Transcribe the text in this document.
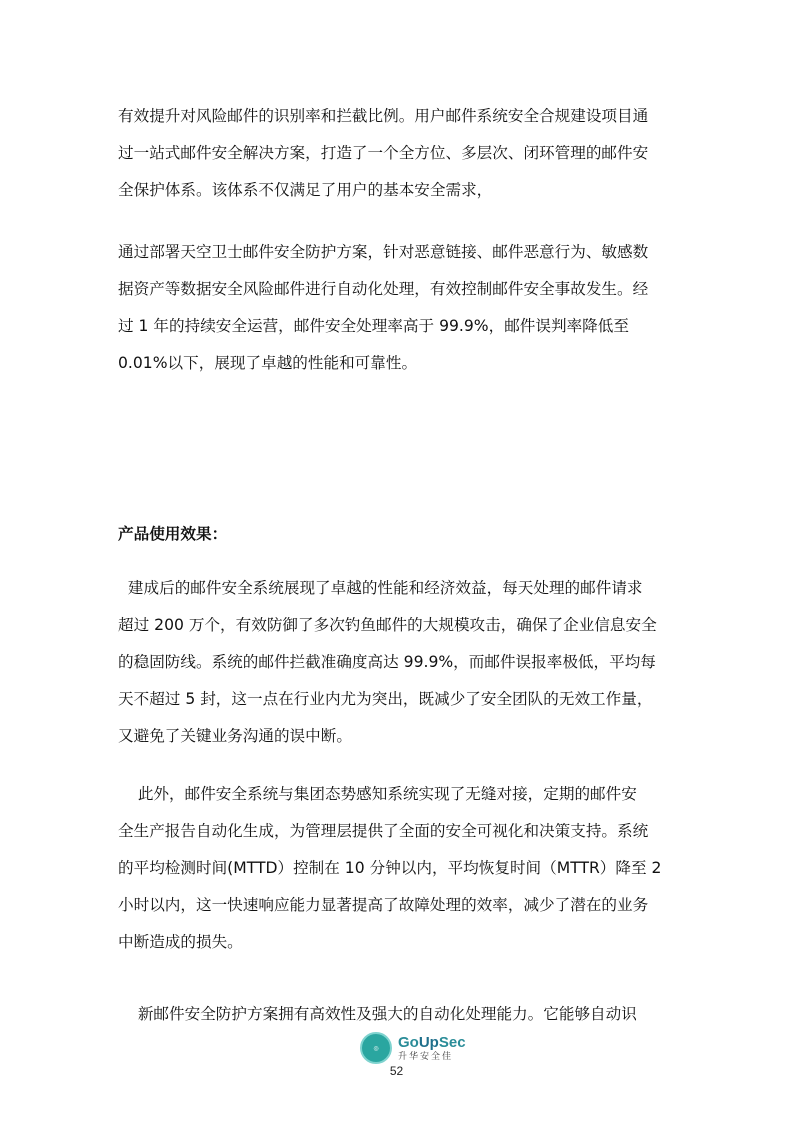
有效提升对风险邮件的识别率和拦截比例。用户邮件系统安全合规建设项目通
过一站式邮件安全解决方案，打造了一个全方位、多层次、闭环管理的邮件安
全保护体系。该体系不仅满足了用户的基本安全需求，
通过部署天空卫士邮件安全防护方案，针对恶意链接、邮件恶意行为、敏感数
据资产等数据安全风险邮件进行自动化处理，有效控制邮件安全事故发生。经
过 1 年的持续安全运营，邮件安全处理率高于 99.9%，邮件误判率降低至
0.01%以下，展现了卓越的性能和可靠性。
产品使用效果：
建成后的邮件安全系统展现了卓越的性能和经济效益，每天处理的邮件请求
超过 200 万个，有效防御了多次钓鱼邮件的大规模攻击，确保了企业信息安全
的稳固防线。系统的邮件拦截准确度高达 99.9%，而邮件误报率极低，平均每
天不超过 5 封，这一点在行业内尤为突出，既减少了安全团队的无效工作量，
又避免了关键业务沟通的误中断。
此外，邮件安全系统与集团态势感知系统实现了无缝对接，定期的邮件安
全生产报告自动化生成，为管理层提供了全面的安全可视化和决策支持。系统
的平均检测时间(MTTD）控制在 10 分钟以内，平均恢复时间（MTTR）降至 2
小时以内，这一快速响应能力显著提高了故障处理的效率，减少了潜在的业务
中断造成的损失。
新邮件安全防护方案拥有高效性及强大的自动化处理能力。它能够自动识
◎	GoUpSec
升华安全佳
52
